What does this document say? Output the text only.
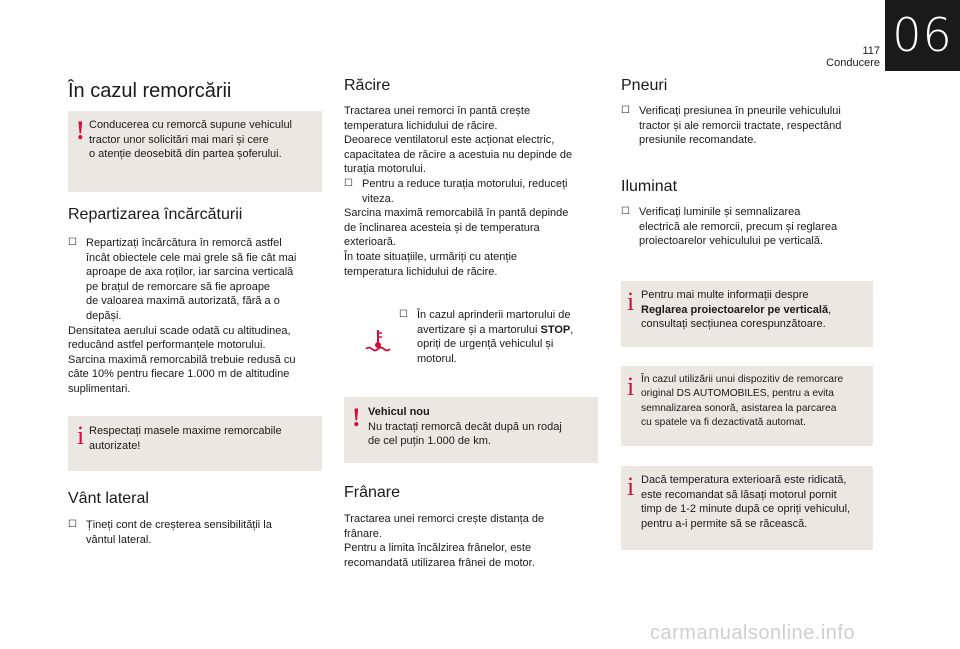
06
117
Conducere
În cazul remorcării
! Conducerea cu remorcă supune vehiculul
tractor unor solicitări mai mari și cere
o atenție deosebită din partea șoferului.
Repartizarea încărcăturii
☐ Repartizați încărcătura în remorcă astfel
încât obiectele cele mai grele să fie cât mai
aproape de axa roților, iar sarcina verticală
pe brațul de remorcare să fie aproape
de valoarea maximă autorizată, fără a o
depăși.
Densitatea aerului scade odată cu altitudinea,
reducând astfel performanțele motorului.
Sarcina maximă remorcabilă trebuie redusă cu
câte 10% pentru fiecare 1.000 m de altitudine
suplimentari.
i Respectați masele maxime remorcabile
autorizate!
Vânt lateral
☐ Țineți cont de creșterea sensibilității la
vântul lateral.
Răcire
Tractarea unei remorci în pantă crește
temperatura lichidului de răcire.
Deoarece ventilatorul este acționat electric,
capacitatea de răcire a acestuia nu depinde de
turația motorului.
☐ Pentru a reduce turația motorului, reduceți
viteza.
Sarcina maximă remorcabilă în pantă depinde
de înclinarea acesteia și de temperatura
exterioară.
În toate situațiile, urmăriți cu atenție
temperatura lichidului de răcire.
☐ În cazul aprinderii martorului de
avertizare și a martorului STOP,
opriți de urgență vehiculul și
motorul.
! Vehicul nou
Nu tractați remorcă decât după un rodaj
de cel puțin 1.000 de km.
Frânare
Tractarea unei remorci crește distanța de
frânare.
Pentru a limita încălzirea frânelor, este
recomandată utilizarea frânei de motor.
Pneuri
☐ Verificați presiunea în pneurile vehiculului
tractor și ale remorcii tractate, respectând
presiunile recomandate.
Iluminat
☐ Verificați luminile și semnalizarea
electrică ale remorcii, precum și reglarea
proiectoarelor vehiculului pe verticală.
i Pentru mai multe informații despre
Reglarea proiectoarelor pe verticală,
consultați secțiunea corespunzătoare.
i În cazul utilizării unui dispozitiv de remorcare
original DS AUTOMOBILES, pentru a evita
semnalizarea sonoră, asistarea la parcarea
cu spatele va fi dezactivată automat.
i Dacă temperatura exterioară este ridicată,
este recomandat să lăsați motorul pornit
timp de 1-2 minute după ce opriți vehiculul,
pentru a-i permite să se răcească.
carmanualsonline.info
